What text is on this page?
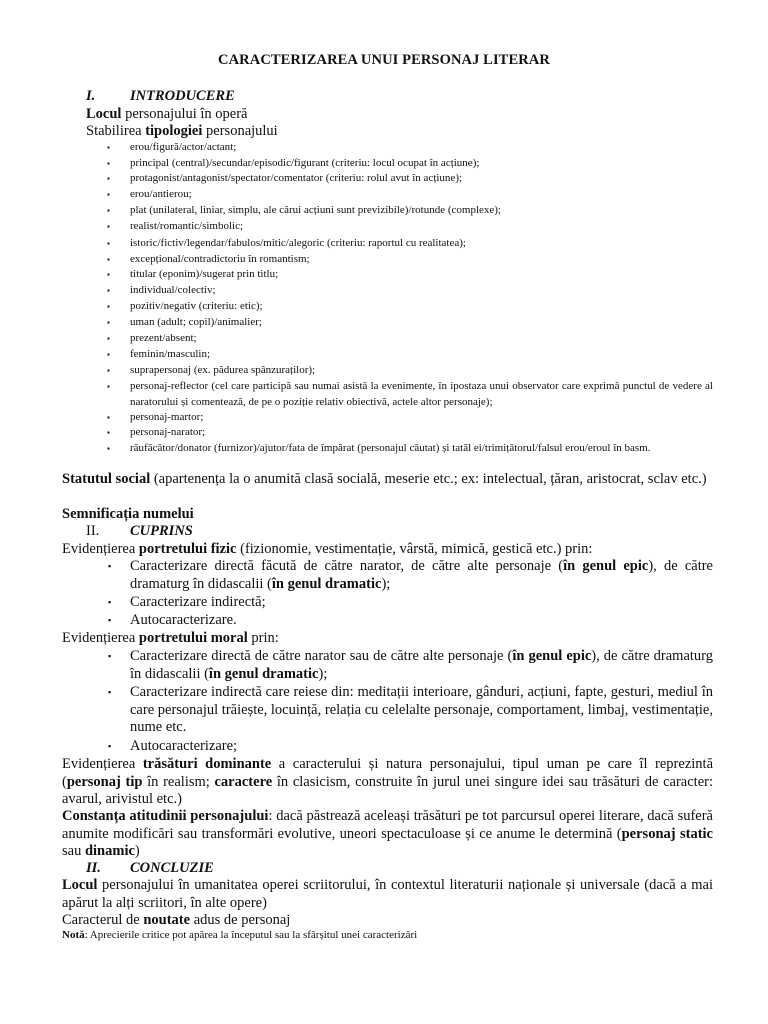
CARACTERIZAREA UNUI PERSONAJ LITERAR
I. INTRODUCERE
Locul personajului în operă
Stabilirea tipologiei personajului
▪ erou/figură/actor/actant;
▪ principal (central)/secundar/episodic/figurant (criteriu: locul ocupat în acțiune);
▪ protagonist/antagonist/spectator/comentator (criteriu: rolul avut în acțiune);
▪ erou/antierou;
▪ plat (unilateral, liniar, simplu, ale cărui acțiuni sunt previzibile)/rotunde (complexe);
▪ realist/romantic/simbolic;
▪ istoric/fictiv/legendar/fabulos/mitic/alegoric (criteriu: raportul cu realitatea);
▪ excepțional/contradictoriu în romantism;
▪ titular (eponim)/sugerat prin titlu;
▪ individual/colectiv;
▪ pozitiv/negativ (criteriu: etic);
▪ uman (adult; copil)/animalier;
▪ prezent/absent;
▪ feminin/masculin;
▪ suprapersonaj (ex. pădurea spânzuraților);
▪ personaj-reflector (cel care participă sau numai asistă la evenimente, în ipostaza unui observator care exprimă punctul de vedere al naratorului și comentează, de pe o poziție relativ obiectivă, actele altor personaje);
▪ personaj-martor;
▪ personaj-narator;
▪ răufăcător/donator (furnizor)/ajutor/fata de împărat (personajul căutat) și tatăl ei/trimițătorul/falsul erou/eroul în basm.
Statutul social (apartenența la o anumită clasă socială, meserie etc.; ex: intelectual, țăran, aristocrat, sclav etc.)
Semnificația numelui
II. CUPRINS
Evidențierea portretului fizic (fizionomie, vestimentație, vârstă, mimică, gestică etc.) prin:
▪ Caracterizare directă făcută de către narator, de către alte personaje (în genul epic), de către dramaturg în didascalii (în genul dramatic);
▪ Caracterizare indirectă;
▪ Autocaracterizare.
Evidențierea portretului moral prin:
▪ Caracterizare directă de către narator sau de către alte personaje (în genul epic), de către dramaturg în didascalii (în genul dramatic);
▪ Caracterizare indirectă care reiese din: meditații interioare, gânduri, acțiuni, fapte, gesturi, mediul în care personajul trăiește, locuință, relația cu celelalte personaje, comportament, limbaj, vestimentație, nume etc.
▪ Autocaracterizare;
Evidențierea trăsături dominante a caracterului și natura personajului, tipul uman pe care îl reprezintă (personaj tip în realism; caractere în clasicism, construite în jurul unei singure idei sau trăsături de caracter: avarul, arivistul etc.)
Constanța atitudinii personajului: dacă păstrează aceleași trăsături pe tot parcursul operei literare, dacă suferă anumite modificări sau transformări evolutive, uneori spectaculoase și ce anume le determină (personaj static sau dinamic)
II. CONCLUZIE
Locul personajului în umanitatea operei scriitorului, în contextul literaturii naționale și universale (dacă a mai apărut la alți scriitori, în alte opere)
Caracterul de noutate adus de personaj
Notă: Aprecierile critice pot apărea la începutul sau la sfârșitul unei caracterizări
